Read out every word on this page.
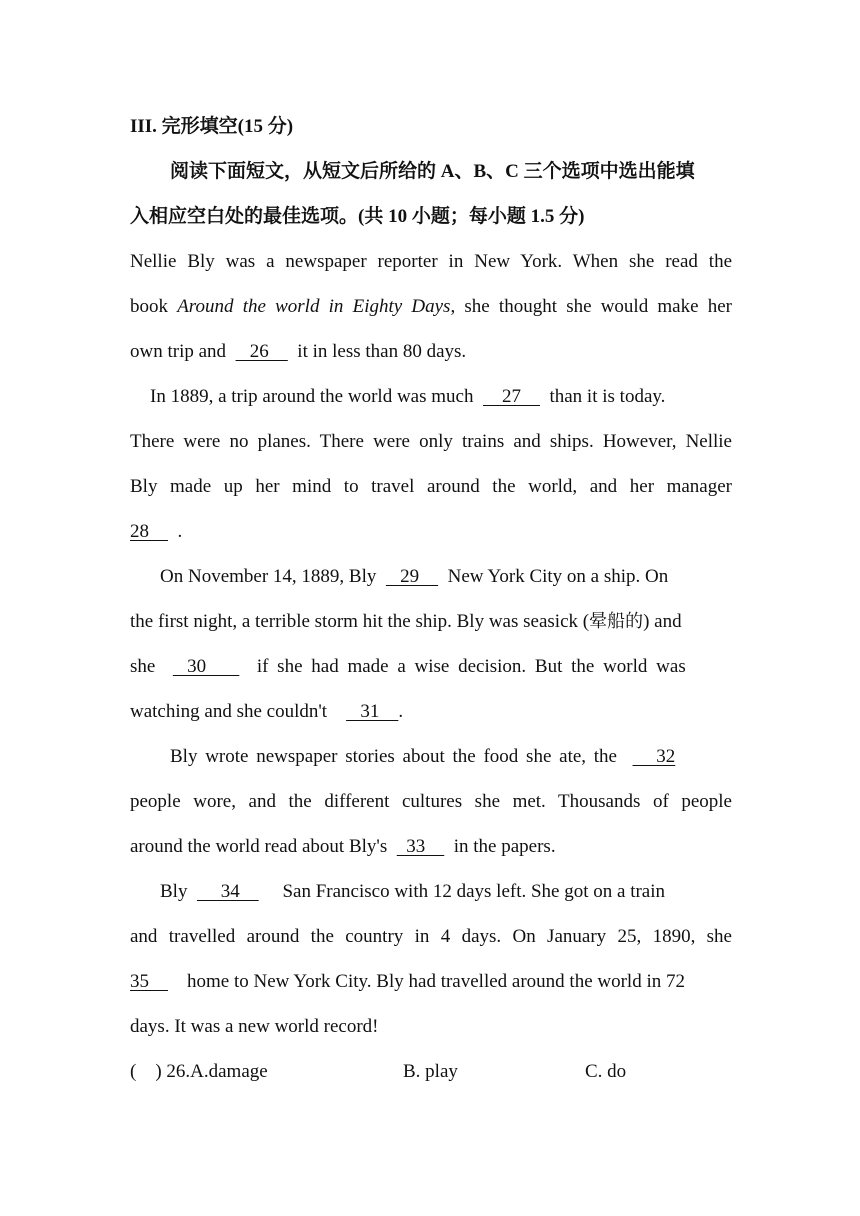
III. 完形填空(15 分)
阅读下面短文，从短文后所给的 A、B、C 三个选项中选出能填
入相应空白处的最佳选项。(共 10 小题；每小题 1.5 分)
Nellie Bly was a newspaper reporter in New York. When she read the
book Around the world in Eighty Days, she thought she would make her
own trip and     26      it in less than 80 days.
In 1889, a trip around the world was much      27      than it is today.
There were no planes. There were only trains and ships. However, Nellie
Bly made up her mind to travel around the world, and her manager
28      .
On November 14, 1889, Bly     29      New York City on a ship. On
the first night, a terrible storm hit the ship. Bly was seasick (晕船的) and
she     30         if she had made a wise decision. But the world was
watching and she couldn't       31    .
Bly wrote newspaper stories about the food she ate, the       32
people wore, and the different cultures she met. Thousands of people
around the world read about Bly's    33      in the papers.
Bly       34         San Francisco with 12 days left. She got on a train
and travelled around the country in 4 days. On January 25, 1890, she
35        home to New York City. Bly had travelled around the world in 72
days. It was a new world record!
(    ) 26.A.damage	B. play	C. do
